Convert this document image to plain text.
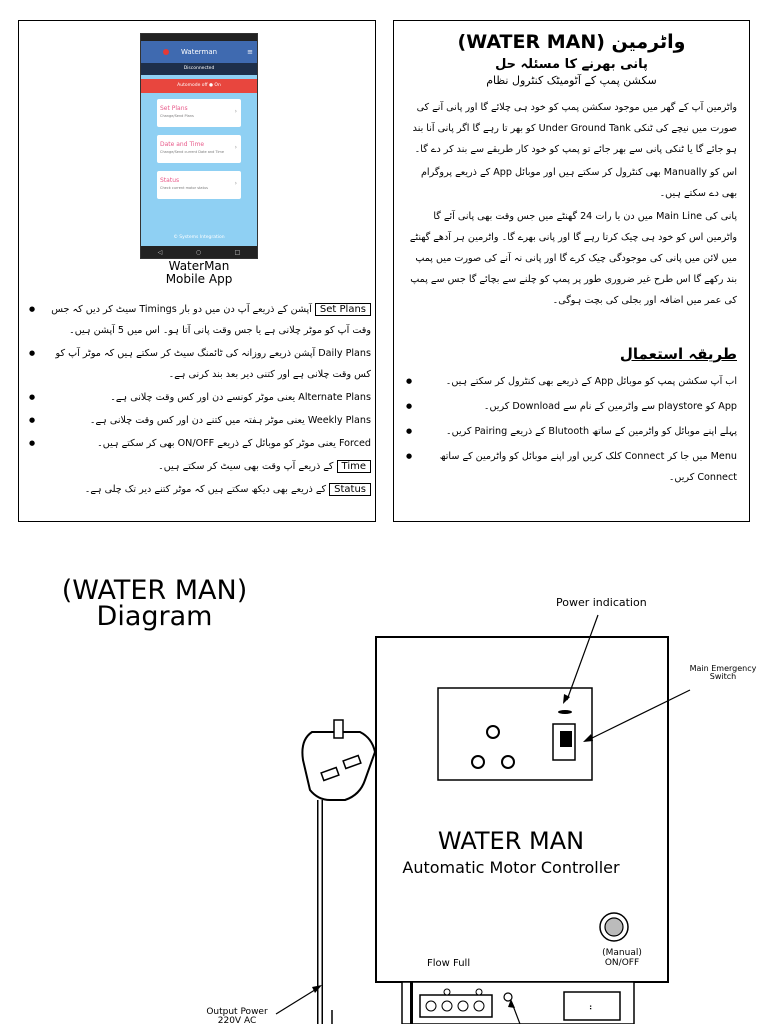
واٹرمین (WATER MAN)
پانی بھرنے کا مسئلہ حل
سکشن پمپ کے آٹومیٹک کنٹرول نظام

واٹرمین آپ کے گھر میں موجود سکشن پمپ کو خود ہی چلائے گا اور پانی آنے کی صورت میں نیچے کی ٹنکی Under Ground Tank کو بھر تا رہے گا اگر پانی آنا بند ہو جائے گا یا ٹنکی پانی سے بھر جائے تو پمپ کو خود کار طریقے سے بند کر دے گا۔

اس کو Manually بھی کنٹرول کر سکتے ہیں اور موبائل App کے ذریعے پروگرام بھی دے سکتے ہیں۔

پانی کی Main Line میں دن یا رات 24 گھنٹے میں جس وقت بھی پانی آئے گا واٹرمین اس کو خود ہی چیک کرتا رہے گا اور پانی بھرے گا۔ واٹرمین ہر آدھے گھنٹے میں لائن میں پانی کی موجودگی چیک کرے گا اور پانی نہ آنے کی صورت میں پمپ بند رکھے گا اس طرح غیر ضروری طور پر پمپ کو چلنے سے بچائے گا جس سے پمپ کی عمر میں اضافہ اور بجلی کی بچت ہوگی۔

طریقہ استعمال
اب آپ سکشن پمپ کو موبائل App کے ذریعے بھی کنٹرول کر سکتے ہیں۔ ●
App کو playstore سے واٹرمین کے نام سے Download کریں۔ ●
پہلے اپنے موبائل کو واٹرمین کے ساتھ Blutooth کے ذریعے Pairing کریں۔ ●
Menu میں جا کر Connect کلک کریں اور اپنے موبائل کو واٹرمین کے ساتھ Connect کریں۔ ●
Waterman	≡
Disconnected
Automode off ● On
Set Plans
Change/Send Plans
›
Date and Time
Change/Send current Date and Time
›
Status
Check current motor status
›
© Systems Integration
◁	○	□
WaterMan
Mobile App
Set Plans آپشن کے ذریعے آپ دن میں دو بار Timings سیٹ کر دیں کہ جس وقت آپ کو موٹر چلانی ہے یا جس وقت پانی آتا ہو۔ اس میں 5 آپشن ہیں۔ ●
Daily Plans آپشن ذریعے روزانہ کی ٹائمنگ سیٹ کر سکتے ہیں کہ موٹر آپ کو کس وقت چلانی ہے اور کتنی دیر بعد بند کرنی ہے۔ ●
Alternate Plans یعنی موٹر کونسے دن اور کس وقت چلانی ہے۔ ●
Weekly Plans یعنی موٹر ہفتہ میں کتنے دن اور کس وقت چلانی ہے۔ ●
Forced یعنی موٹر کو موبائل کے ذریعے ON/OFF بھی کر سکتے ہیں۔ ●
Time کے ذریعے آپ وقت بھی سیٹ کر سکتے ہیں۔
Status کے ذریعے بھی دیکھ سکتے ہیں کہ موٹر کتنے دیر تک چلی ہے۔
(WATER MAN)
Diagram
⠆
Power indication
Main Emergency
Switch
WATER MAN
Automatic Motor Controller
(Manual)
ON/OFF
Flow Full
Output Power
220V AC
